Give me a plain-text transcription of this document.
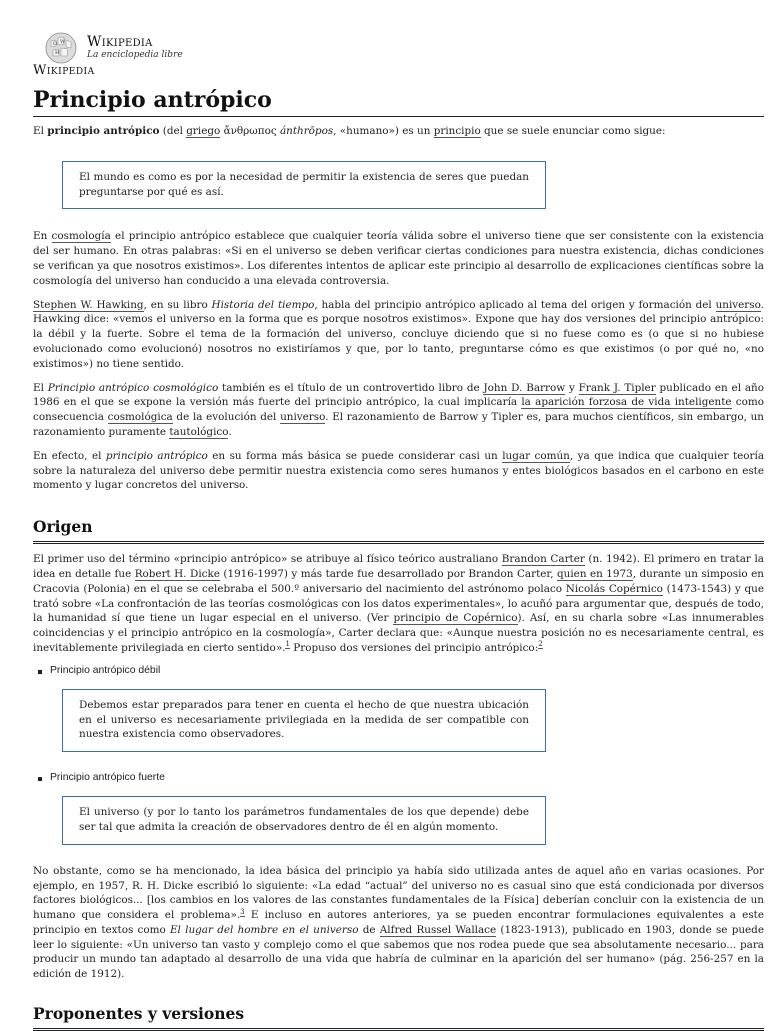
Ω W
И
Wikipedia
La enciclopedia libre
Wikipedia
Principio antrópico

El principio antrópico (del griego ἄνθρωπος ánthrōpos, «humano») es un principio que se suele enunciar como sigue:

El mundo es como es por la necesidad de permitir la existencia de seres que puedan preguntarse por qué es así.

En cosmología el principio antrópico establece que cualquier teoría válida sobre el universo tiene que ser consistente con la existencia del ser humano. En otras palabras: «Si en el universo se deben verificar ciertas condiciones para nuestra existencia, dichas condiciones se verifican ya que nosotros existimos». Los diferentes intentos de aplicar este principio al desarrollo de explicaciones científicas sobre la cosmología del universo han conducido a una elevada controversia.

Stephen W. Hawking, en su libro Historia del tiempo, habla del principio antrópico aplicado al tema del origen y formación del universo. Hawking dice: «vemos el universo en la forma que es porque nosotros existimos». Expone que hay dos versiones del principio antrópico: la débil y la fuerte. Sobre el tema de la formación del universo, concluye diciendo que si no fuese como es (o que si no hubiese evolucionado como evolucionó) nosotros no existiríamos y que, por lo tanto, preguntarse cómo es que existimos (o por qué no, «no existimos») no tiene sentido.

El Principio antrópico cosmológico también es el título de un controvertido libro de John D. Barrow y Frank J. Tipler publicado en el año 1986 en el que se expone la versión más fuerte del principio antrópico, la cual implicaría la aparición forzosa de vida inteligente como consecuencia cosmológica de la evolución del universo. El razonamiento de Barrow y Tipler es, para muchos científicos, sin embargo, un razonamiento puramente tautológico.

En efecto, el principio antrópico en su forma más básica se puede considerar casi un lugar común, ya que indica que cualquier teoría sobre la naturaleza del universo debe permitir nuestra existencia como seres humanos y entes biológicos basados en el carbono en este momento y lugar concretos del universo.

Origen

El primer uso del término «principio antrópico» se atribuye al físico teórico australiano Brandon Carter (n. 1942). El primero en tratar la idea en detalle fue Robert H. Dicke (1916-1997) y más tarde fue desarrollado por Brandon Carter, quien en 1973, durante un simposio en Cracovia (Polonia) en el que se celebraba el 500.º aniversario del nacimiento del astrónomo polaco Nicolás Copérnico (1473-1543) y que trató sobre «La confrontación de las teorías cosmológicas con los datos experimentales», lo acuñó para argumentar que, después de todo, la humanidad sí que tiene un lugar especial en el universo. (Ver principio de Copérnico). Así, en su charla sobre «Las innumerables coincidencias y el principio antrópico en la cosmología», Carter declara que: «Aunque nuestra posición no es necesariamente central, es inevitablemente privilegiada en cierto sentido».$^1$ Propuso dos versiones del principio antrópico:$^2$

Principio antrópico débil
Debemos estar preparados para tener en cuenta el hecho de que nuestra ubicación en el universo es necesariamente privilegiada en la medida de ser compatible con nuestra existencia como observadores.
Principio antrópico fuerte
El universo (y por lo tanto los parámetros fundamentales de los que depende) debe ser tal que admita la creación de observadores dentro de él en algún momento.

No obstante, como se ha mencionado, la idea básica del principio ya había sido utilizada antes de aquel año en varias ocasiones. Por ejemplo, en 1957, R. H. Dicke escribió lo siguiente: «La edad “actual” del universo no es casual sino que está condicionada por diversos factores biológicos... [los cambios en los valores de las constantes fundamentales de la Física] deberían concluir con la existencia de un humano que considera el problema».$^3$ E incluso en autores anteriores, ya se pueden encontrar formulaciones equivalentes a este principio en textos como El lugar del hombre en el universo de Alfred Russel Wallace (1823-1913), publicado en 1903, donde se puede leer lo siguiente: «Un universo tan vasto y complejo como el que sabemos que nos rodea puede que sea absolutamente necesario... para producir un mundo tan adaptado al desarrollo de una vida que habría de culminar en la aparición del ser humano» (pág. 256-257 en la edición de 1912).

Proponentes y versiones
